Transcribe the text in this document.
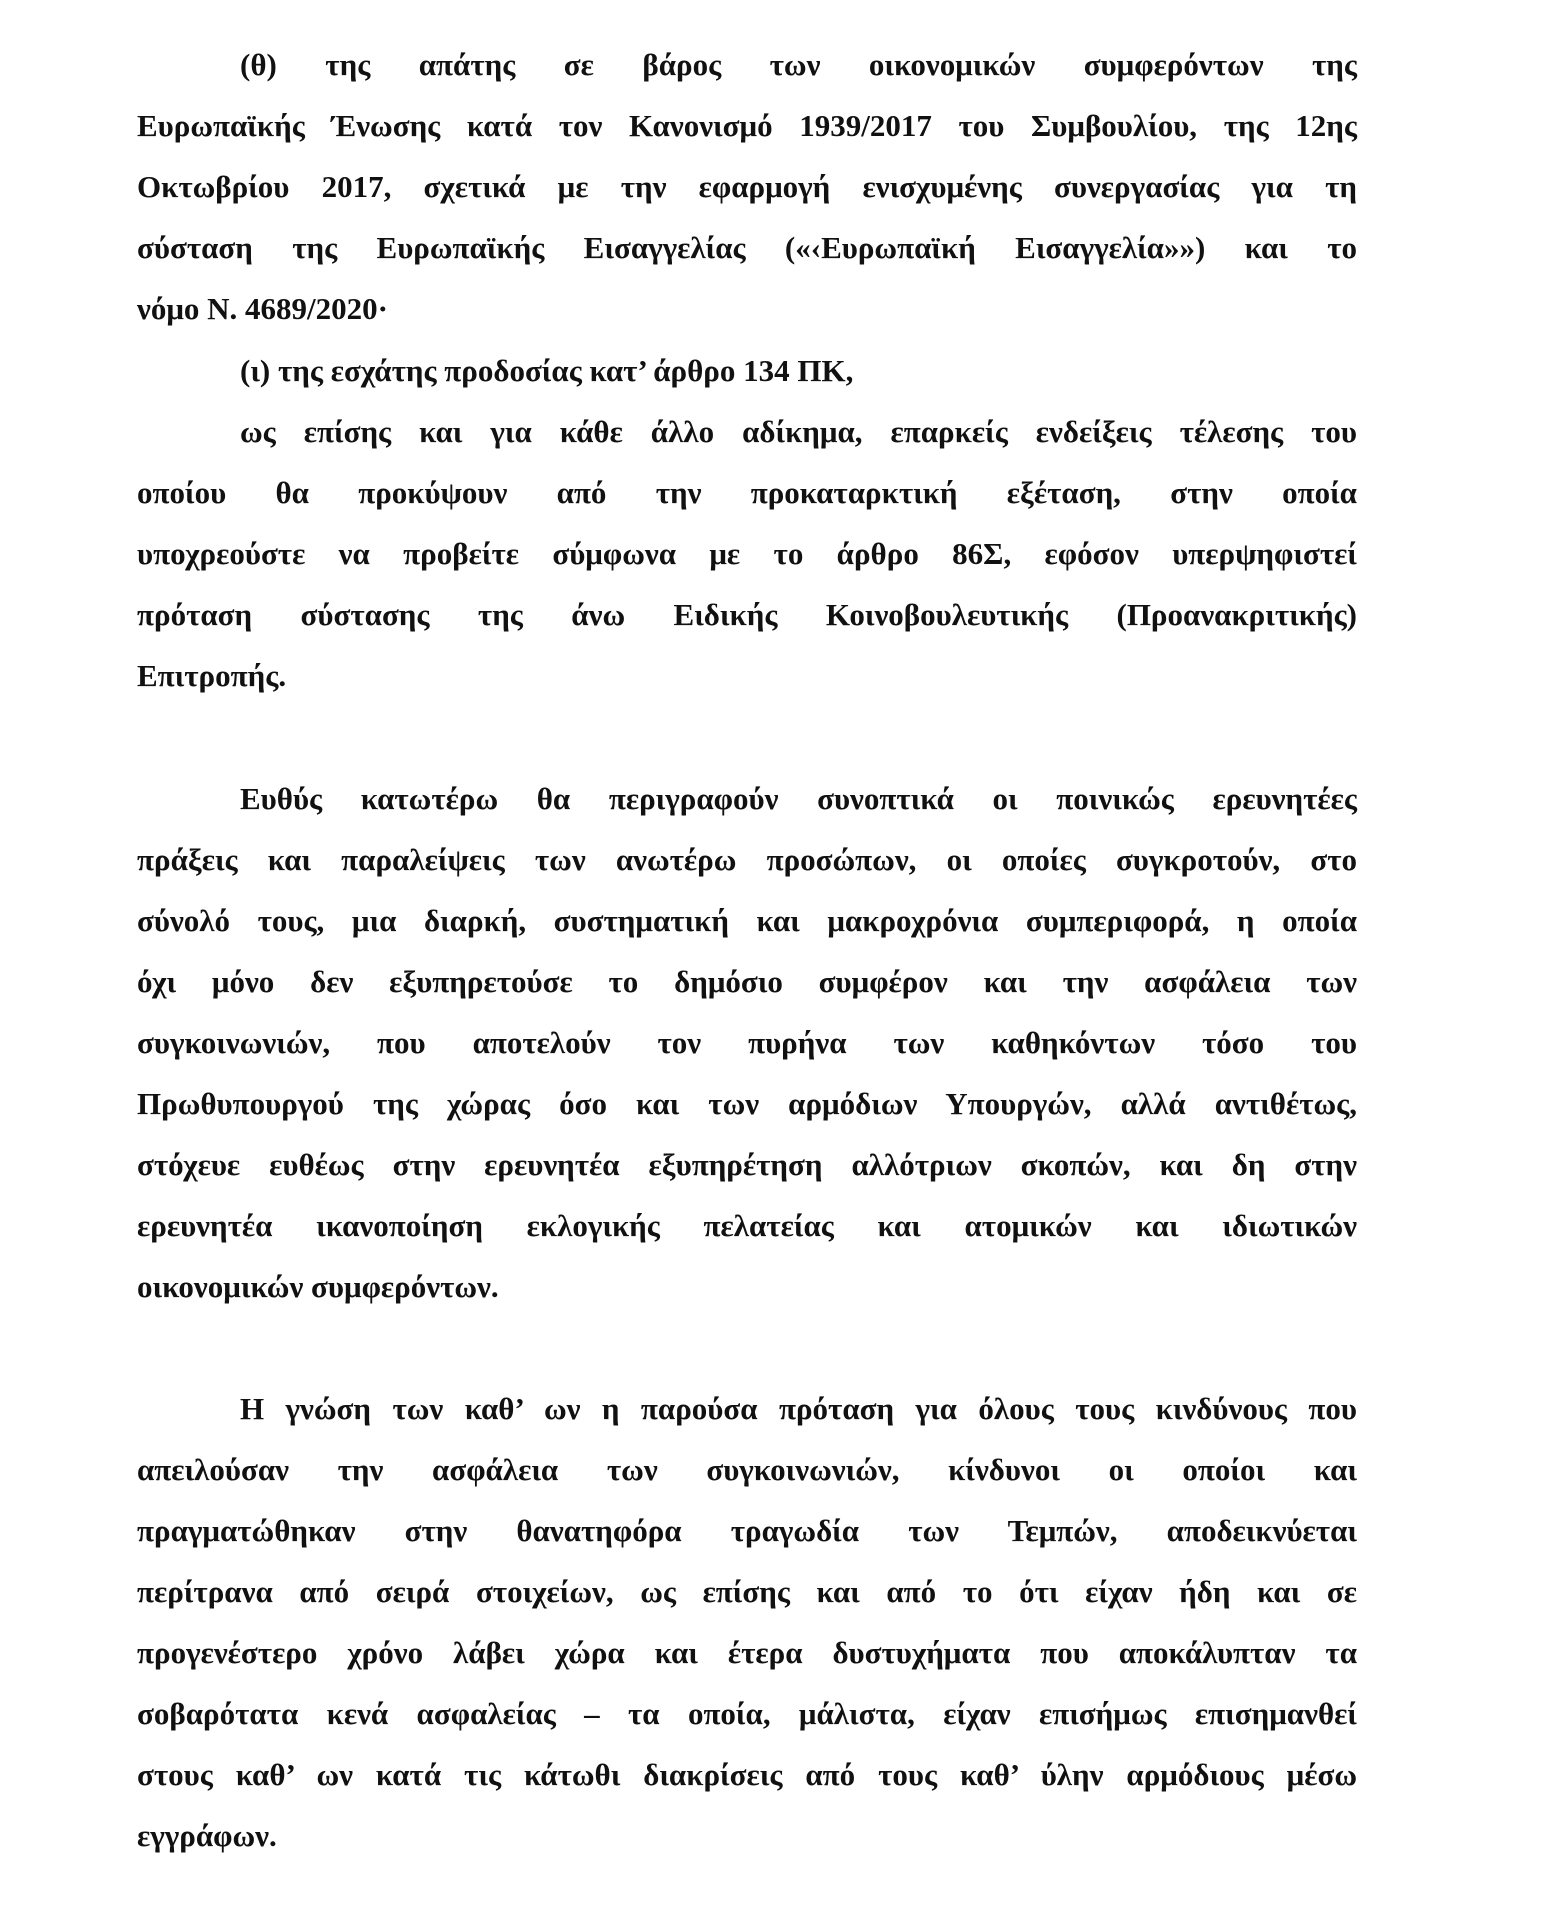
(θ) της απάτης σε βάρος των οικονομικών συμφερόντων της
Ευρωπαϊκής Ένωσης κατά τον Κανονισμό 1939/2017 του Συμβουλίου, της 12ης
Οκτωβρίου 2017, σχετικά με την εφαρμογή ενισχυμένης συνεργασίας για τη
σύσταση της Ευρωπαϊκής Εισαγγελίας («‹Ευρωπαϊκή Εισαγγελία»») και το
νόμο Ν. 4689/2020·

(ι) της εσχάτης προδοσίας κατ’ άρθρο 134 ΠΚ,

ως επίσης και για κάθε άλλο αδίκημα, επαρκείς ενδείξεις τέλεσης του
οποίου θα προκύψουν από την προκαταρκτική εξέταση, στην οποία
υποχρεούστε να προβείτε σύμφωνα με το άρθρο 86Σ, εφόσον υπερψηφιστεί
πρόταση σύστασης της άνω Ειδικής Κοινοβουλευτικής (Προανακριτικής)
Επιτροπής.
Ευθύς κατωτέρω θα περιγραφούν συνοπτικά οι ποινικώς ερευνητέες
πράξεις και παραλείψεις των ανωτέρω προσώπων, οι οποίες συγκροτούν, στο
σύνολό τους, μια διαρκή, συστηματική και μακροχρόνια συμπεριφορά, η οποία
όχι μόνο δεν εξυπηρετούσε το δημόσιο συμφέρον και την ασφάλεια των
συγκοινωνιών, που αποτελούν τον πυρήνα των καθηκόντων τόσο του
Πρωθυπουργού της χώρας όσο και των αρμόδιων Υπουργών, αλλά αντιθέτως,
στόχευε ευθέως στην ερευνητέα εξυπηρέτηση αλλότριων σκοπών, και δη στην
ερευνητέα ικανοποίηση εκλογικής πελατείας και ατομικών και ιδιωτικών
οικονομικών συμφερόντων.
Η γνώση των καθ’ ων η παρούσα πρόταση για όλους τους κινδύνους που
απειλούσαν την ασφάλεια των συγκοινωνιών, κίνδυνοι οι οποίοι και
πραγματώθηκαν στην θανατηφόρα τραγωδία των Τεμπών, αποδεικνύεται
περίτρανα από σειρά στοιχείων, ως επίσης και από το ότι είχαν ήδη και σε
προγενέστερο χρόνο λάβει χώρα και έτερα δυστυχήματα που αποκάλυπταν τα
σοβαρότατα κενά ασφαλείας – τα οποία, μάλιστα, είχαν επισήμως επισημανθεί
στους καθ’ ων κατά τις κάτωθι διακρίσεις από τους καθ’ ύλην αρμόδιους μέσω
εγγράφων.
